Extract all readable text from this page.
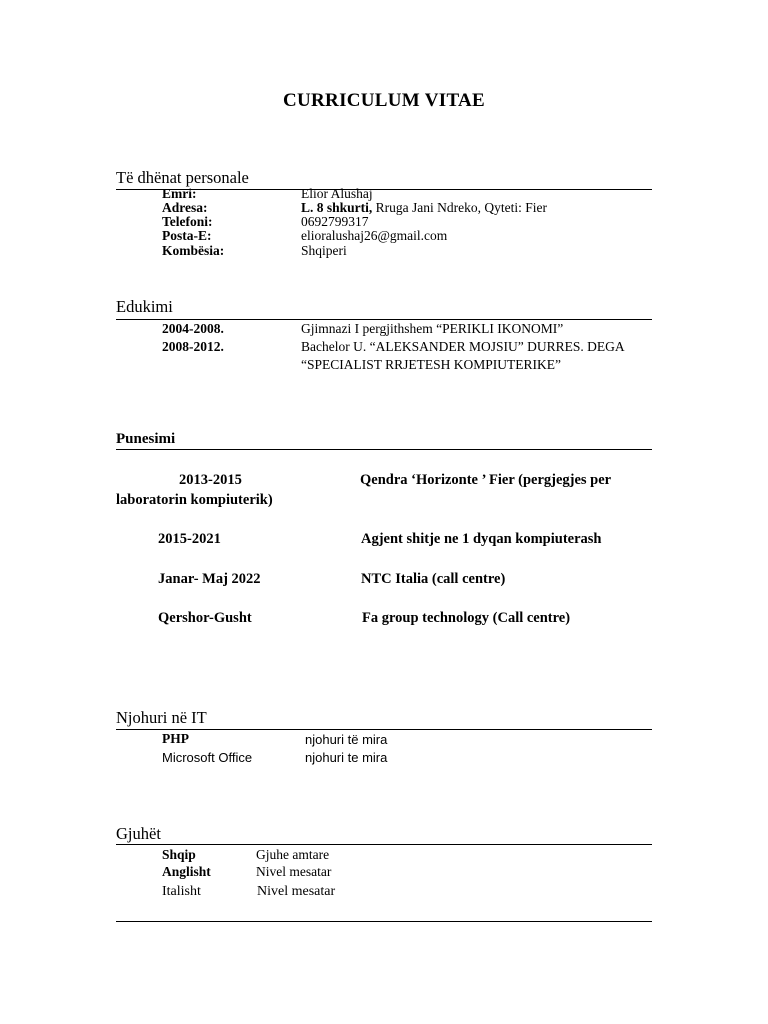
CURRICULUM VITAE
Të dhënat personale
Emri:	Elior Alushaj
Adresa:	L. 8 shkurti, Rruga Jani Ndreko, Qyteti: Fier
Telefoni:	0692799317
Posta-E:	elioralushaj26@gmail.com
Kombësia:	Shqiperi
Edukimi
2004-2008.	Gjimnazi I pergjithshem “PERIKLI IKONOMI”
2008-2012.	Bachelor U. “ALEKSANDER MOJSIU” DURRES. DEGA
“SPECIALIST RRJETESH KOMPIUTERIKE”
Punesimi
2013-2015	Qendra ‘Horizonte ’ Fier (pergjegjes per
laboratorin kompiuterik)
2015-2021	Agjent shitje ne 1 dyqan kompiuterash
Janar- Maj 2022	NTC Italia (call centre)
Qershor-Gusht	Fa group technology (Call centre)
Njohuri në IT
PHP	njohuri të mira
Microsoft Office	njohuri te mira
Gjuhët
Shqip	Gjuhe amtare
Anglisht	Nivel mesatar
Italisht	Nivel mesatar
